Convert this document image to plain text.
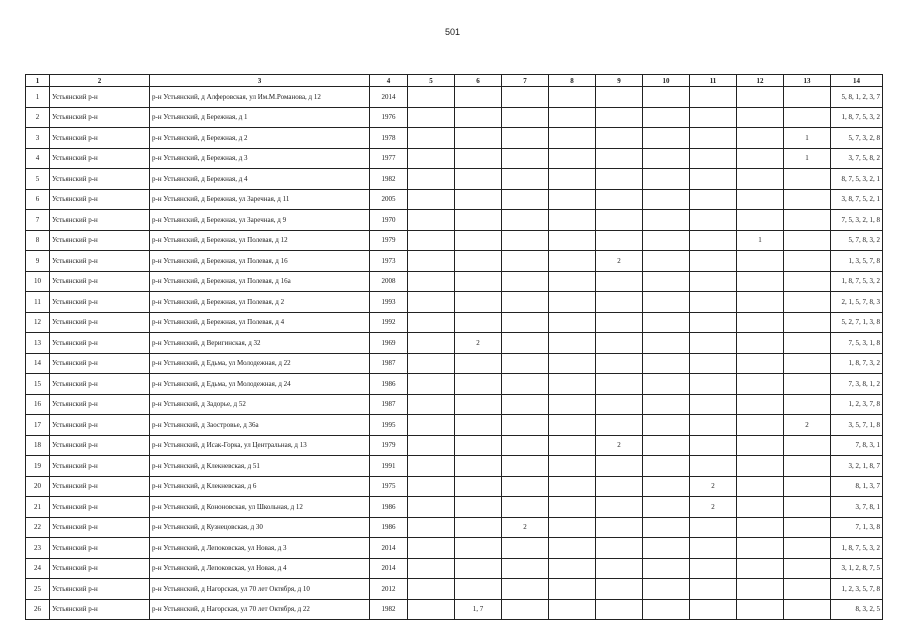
501
1	2	3	4	5	6	7	8	9	10	11	12	13	14
1	Устьянский р-н	р-н Устьянский, д Алферовская, ул Им.М.Романова, д 12	2014										5, 8, 1, 2, 3, 7
2	Устьянский р-н	р-н Устьянский, д Бережная, д 1	1976										1, 8, 7, 5, 3, 2
3	Устьянский р-н	р-н Устьянский, д Бережная, д 2	1978									1	5, 7, 3, 2, 8
4	Устьянский р-н	р-н Устьянский, д Бережная, д 3	1977									1	3, 7, 5, 8, 2
5	Устьянский р-н	р-н Устьянский, д Бережная, д 4	1982										8, 7, 5, 3, 2, 1
6	Устьянский р-н	р-н Устьянский, д Бережная, ул Заречная, д 11	2005										3, 8, 7, 5, 2, 1
7	Устьянский р-н	р-н Устьянский, д Бережная, ул Заречная, д 9	1970										7, 5, 3, 2, 1, 8
8	Устьянский р-н	р-н Устьянский, д Бережная, ул Полевая, д 12	1979								1		5, 7, 8, 3, 2
9	Устьянский р-н	р-н Устьянский, д Бережная, ул Полевая, д 16	1973					2					1, 3, 5, 7, 8
10	Устьянский р-н	р-н Устьянский, д Бережная, ул Полевая, д 16а	2008										1, 8, 7, 5, 3, 2
11	Устьянский р-н	р-н Устьянский, д Бережная, ул Полевая, д 2	1993										2, 1, 5, 7, 8, 3
12	Устьянский р-н	р-н Устьянский, д Бережная, ул Полевая, д 4	1992										5, 2, 7, 1, 3, 8
13	Устьянский р-н	р-н Устьянский, д Веригинская, д 32	1969		2								7, 5, 3, 1, 8
14	Устьянский р-н	р-н Устьянский, д Едьма, ул Молодежная, д 22	1987										1, 8, 7, 3, 2
15	Устьянский р-н	р-н Устьянский, д Едьма, ул Молодежная, д 24	1986										7, 3, 8, 1, 2
16	Устьянский р-н	р-н Устьянский, д Задорье, д 52	1987										1, 2, 3, 7, 8
17	Устьянский р-н	р-н Устьянский, д Заостровье, д 36а	1995									2	3, 5, 7, 1, 8
18	Устьянский р-н	р-н Устьянский, д Исак-Горка, ул Центральная, д 13	1979					2					7, 8, 3, 1
19	Устьянский р-н	р-н Устьянский, д Клекневская, д 51	1991										3, 2, 1, 8, 7
20	Устьянский р-н	р-н Устьянский, д Клекневская, д 6	1975							2			8, 1, 3, 7
21	Устьянский р-н	р-н Устьянский, д Кононовская, ул Школьная, д 12	1986							2			3, 7, 8, 1
22	Устьянский р-н	р-н Устьянский, д Кузнецовская, д 30	1986			2							7, 1, 3, 8
23	Устьянский р-н	р-н Устьянский, д Лепоковская, ул Новая, д 3	2014										1, 8, 7, 5, 3, 2
24	Устьянский р-н	р-н Устьянский, д Лепоковская, ул Новая, д 4	2014										3, 1, 2, 8, 7, 5
25	Устьянский р-н	р-н Устьянский, д Нагорская, ул 70 лет Октября, д 10	2012										1, 2, 3, 5, 7, 8
26	Устьянский р-н	р-н Устьянский, д Нагорская, ул 70 лет Октября, д 22	1982		1, 7								8, 3, 2, 5
